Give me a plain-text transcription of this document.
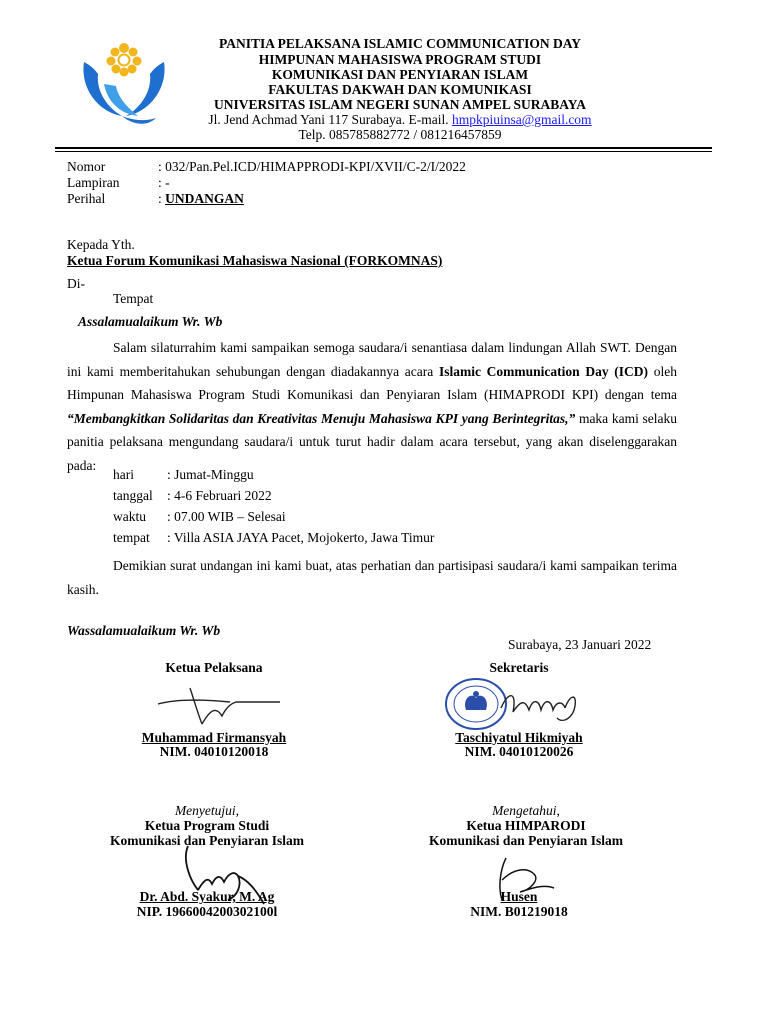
PANITIA PELAKSANA ISLAMIC COMMUNICATION DAY
HIMPUNAN MAHASISWA PROGRAM STUDI
KOMUNIKASI DAN PENYIARAN ISLAM
FAKULTAS DAKWAH DAN KOMUNIKASI
UNIVERSITAS ISLAM NEGERI SUNAN AMPEL SURABAYA
Jl. Jend Achmad Yani 117 Surabaya. E-mail. hmpkpiuinsa@gmail.com
Telp. 085785882772 / 081216457859
Nomor	: 032/Pan.Pel.ICD/HIMAPPRODI-KPI/XVII/C-2/I/2022
Lampiran	: -
Perihal	: UNDANGAN
Kepada Yth.
Ketua Forum Komunikasi Mahasiswa Nasional (FORKOMNAS)
Di-
Tempat
Assalamualaikum Wr. Wb
Salam silaturrahim kami sampaikan semoga saudara/i senantiasa dalam lindungan Allah SWT. Dengan ini kami memberitahukan sehubungan dengan diadakannya acara Islamic Communication Day (ICD) oleh Himpunan Mahasiswa Program Studi Komunikasi dan Penyiaran Islam (HIMAPRODI KPI) dengan tema “Membangkitkan Solidaritas dan Kreativitas Menuju Mahasiswa KPI yang Berintegritas,” maka kami selaku panitia pelaksana mengundang saudara/i untuk turut hadir dalam acara tersebut, yang akan diselenggarakan pada:
hari : Jumat-Minggu
tanggal : 4-6 Februari 2022
waktu : 07.00 WIB – Selesai
tempat : Villa ASIA JAYA Pacet, Mojokerto, Jawa Timur
Demikian surat undangan ini kami buat, atas perhatian dan partisipasi saudara/i kami sampaikan terima kasih.
Wassalamualaikum Wr. Wb
Surabaya, 23 Januari 2022
Ketua Pelaksana	Sekretaris
Muhammad Firmansyah
NIM. 04010120018
Taschiyatul Hikmiyah
NIM. 04010120026
Menyetujui,
Ketua Program Studi
Komunikasi dan Penyiaran Islam
Mengetahui,
Ketua HIMPARODI
Komunikasi dan Penyiaran Islam
Dr. Abd. Syakur, M. Ag
NIP. 1966004200302100l
Husen
NIM. B01219018
